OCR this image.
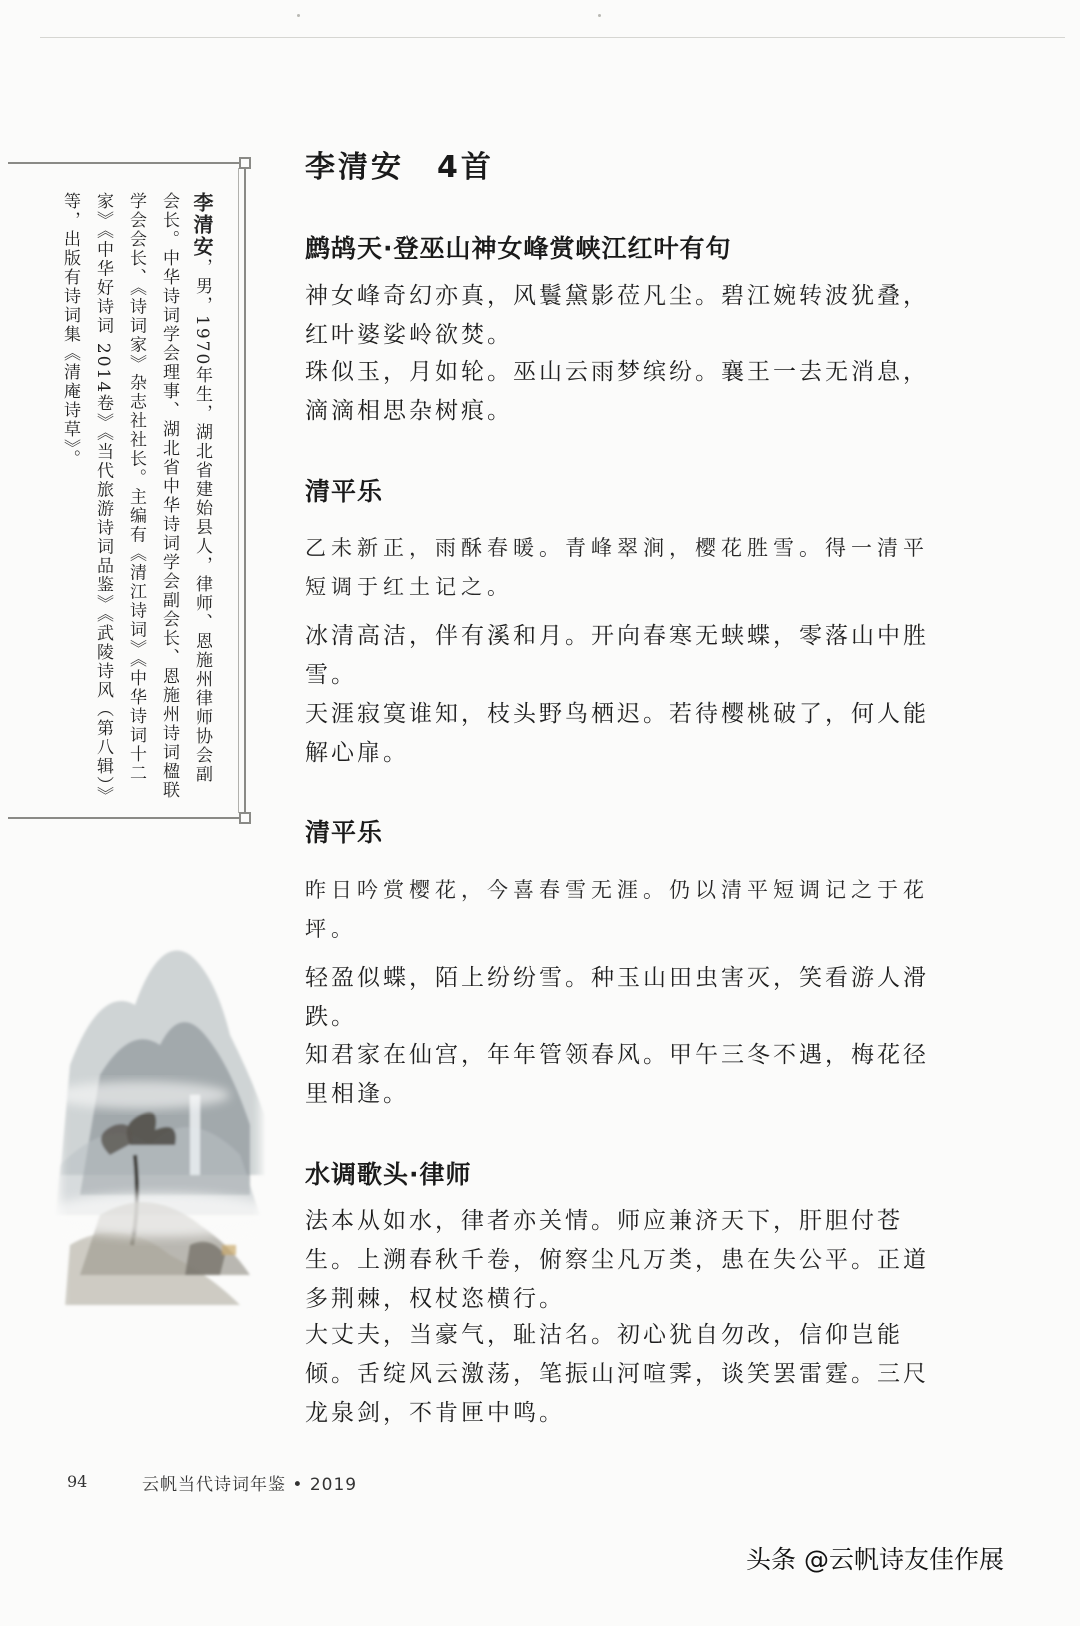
李清安，男，1970年生，湖北省建始县人，律师、恩施州律师协会副会长。中华诗词学会理事、湖北省中华诗词学会副会长、恩施州诗词楹联学会会长、《诗词家》杂志社社长。主编有《清江诗词》《中华诗词十二家》《中华好诗词 2014卷》《当代旅游诗词品鉴》《武陵诗风（第八辑）》等，出版有诗词集《清庵诗草》。
李清安　4首
鹧鸪天·登巫山神女峰赏峡江红叶有句

神女峰奇幻亦真，风鬟黛影莅凡尘。碧江婉转波犹叠，红叶婆娑岭欲焚。

珠似玉，月如轮。巫山云雨梦缤纷。襄王一去无消息，滴滴相思杂树痕。

清平乐

乙未新正，雨酥春暖。青峰翠涧，樱花胜雪。得一清平短调于红土记之。

冰清高洁，伴有溪和月。开向春寒无蛱蝶，零落山中胜雪。

天涯寂寞谁知，枝头野鸟栖迟。若待樱桃破了，何人能解心扉。

清平乐

昨日吟赏樱花，今喜春雪无涯。仍以清平短调记之于花坪。

轻盈似蝶，陌上纷纷雪。种玉山田虫害灭，笑看游人滑跌。

知君家在仙宫，年年管领春风。甲午三冬不遇，梅花径里相逢。

水调歌头·律师

法本从如水，律者亦关情。师应兼济天下，肝胆付苍生。上溯春秋千卷，俯察尘凡万类，患在失公平。正道多荆棘，权杖恣横行。

大丈夫，当豪气，耻沽名。初心犹自勿改，信仰岂能倾。舌绽风云激荡，笔振山河喧霁，谈笑罢雷霆。三尺龙泉剑，不肯匣中鸣。

94	云帆当代诗词年鉴 • 2019
头条 @云帆诗友佳作展
